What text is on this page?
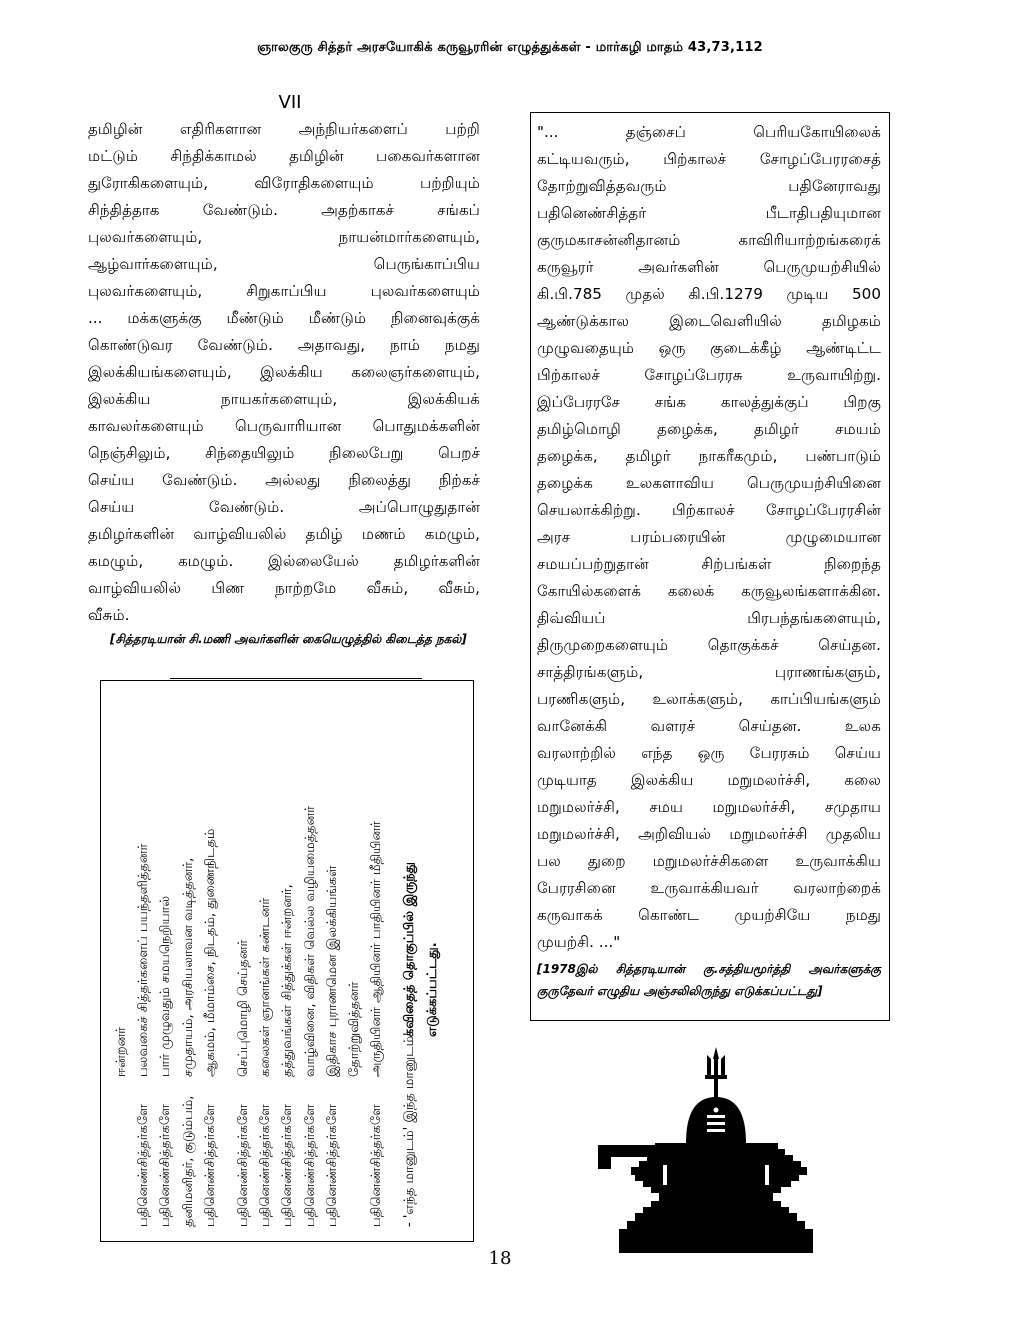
ஞாலகுரு சித்தர் அரசயோகிக் கருவூரரின் எழுத்துக்கள் - மார்கழி மாதம் 43,73,112
VII

தமிழின் எதிரிகளான அந்நியர்களைப் பற்றி
மட்டும் சிந்திக்காமல் தமிழின் பகைவர்களான
துரோகிகளையும், விரோதிகளையும் பற்றியும்
சிந்தித்தாக வேண்டும். அதற்காகச் சங்கப்
புலவர்களையும், நாயன்மார்களையும்,
ஆழ்வார்களையும், பெருங்காப்பிய
புலவர்களையும், சிறுகாப்பிய புலவர்களையும்
... மக்களுக்கு மீண்டும் மீண்டும் நினைவுக்குக்
கொண்டுவர வேண்டும். அதாவது, நாம் நமது
இலக்கியங்களையும், இலக்கிய கலைஞர்களையும்,
இலக்கிய நாயகர்களையும், இலக்கியக்
காவலர்களையும் பெருவாரியான பொதுமக்களின்
நெஞ்சிலும், சிந்தையிலும் நிலைபேறு பெறச்
செய்ய வேண்டும். அல்லது நிலைத்து நிற்கச்
செய்ய வேண்டும். அப்பொழுதுதான்
தமிழர்களின் வாழ்வியலில் தமிழ் மணம் கமழும்,
கமழும், கமழும். இல்லையேல் தமிழர்களின்
வாழ்வியலில் பிண நாற்றமே வீசும், வீசும்,
வீசும்.

[சித்தரடியான் சி.மணி அவர்களின் கையெழுத்தில் கிடைத்த நகல்]
ஈன்றனர்
பதினெண்சித்தர்களே
பலவகைச் சித்தர்களைப் பயந்தளித்தனர்
பதினெண்சித்தர்களே
பார் முழுவதும் சமயநெறியால்
தனிமனிதர், குடும்பம்,
சமுதாயம், அரசியலாவன வடித்தனர்,
பதினெண்சித்தர்களே
ஆகமம், மீமாம்சை, நிடதம், துணைநிடதம்
பதினெண்சித்தர்களே
செப்புமொழி செய்தனர்
பதினெண்சித்தர்களே
கலைகள் ஞானங்கள் கண்டனர்
பதினெண்சித்தர்களே
தத்துவங்கள் சித்துக்கள் ஈன்றனர்,
பதினெண்சித்தர்களே
வாழ்வினை, விதிகள் வெல்ல வழியமைத்தனர்
பதினெண்சித்தர்களே
இதிகாச புராணமென இலக்கியங்கள் தோற்றுவித்தனர்
பதினெண்சித்தர்களே
அருதியினர் ஆதியினர் பாதியினர் மீதியினர்
- 'எந்த மானுடம்' இந்த மானுடம்'
கவிதைத் தொகுப்பில் இருந்து எடுக்கப்பட்டது.

"... தஞ்சைப் பெரியகோயிலைக்
கட்டியவரும், பிற்காலச் சோழப்பேரரசைத்
தோற்றுவித்தவரும் பதினேராவது
பதினெண்சித்தர் பீடாதிபதியுமான
குருமகாசன்னிதானம் காவிரியாற்றங்கரைக்
கருவூரர் அவர்களின் பெருமுயற்சியில்
கி.பி.785 முதல் கி.பி.1279 முடிய 500
ஆண்டுக்கால இடைவெளியில் தமிழகம்
முழுவதையும் ஒரு குடைக்கீழ் ஆண்டிட்ட
பிற்காலச் சோழப்பேரரசு உருவாயிற்று.
இப்பேரரசே சங்க காலத்துக்குப் பிறகு
தமிழ்மொழி தழைக்க, தமிழர் சமயம்
தழைக்க, தமிழர் நாகரீகமும், பண்பாடும்
தழைக்க உலகளாவிய பெருமுயற்சியினை
செயலாக்கிற்று. பிற்காலச் சோழப்பேரரசின்
அரச பரம்பரையின் முழுமையான
சமயப்பற்றுதான் சிற்பங்கள் நிறைந்த
கோயில்களைக் கலைக் கருவூலங்களாக்கின.
திவ்வியப் பிரபந்தங்களையும்,
திருமுறைகளையும் தொகுக்கச் செய்தன.
சாத்திரங்களும், புராணங்களும்,
பரணிகளும், உலாக்களும், காப்பியங்களும்
வானேக்கி வளரச் செய்தன. உலக
வரலாற்றில் எந்த ஒரு பேரரசும் செய்ய
முடியாத இலக்கிய மறுமலர்ச்சி, கலை
மறுமலர்ச்சி, சமய மறுமலர்ச்சி, சமுதாய
மறுமலர்ச்சி, அறிவியல் மறுமலர்ச்சி முதலிய
பல துறை மறுமலர்ச்சிகளை உருவாக்கிய
பேரரசினை உருவாக்கியவர் வரலாற்றைக்
கருவாகக் கொண்ட முயற்சியே நமது
முயற்சி. ..."

[1978இல் சித்தரடியான் கு.சத்தியமூர்த்தி அவர்களுக்கு குருதேவர் எழுதிய அஞ்சலிலிருந்து எடுக்கப்பட்டது]
18
